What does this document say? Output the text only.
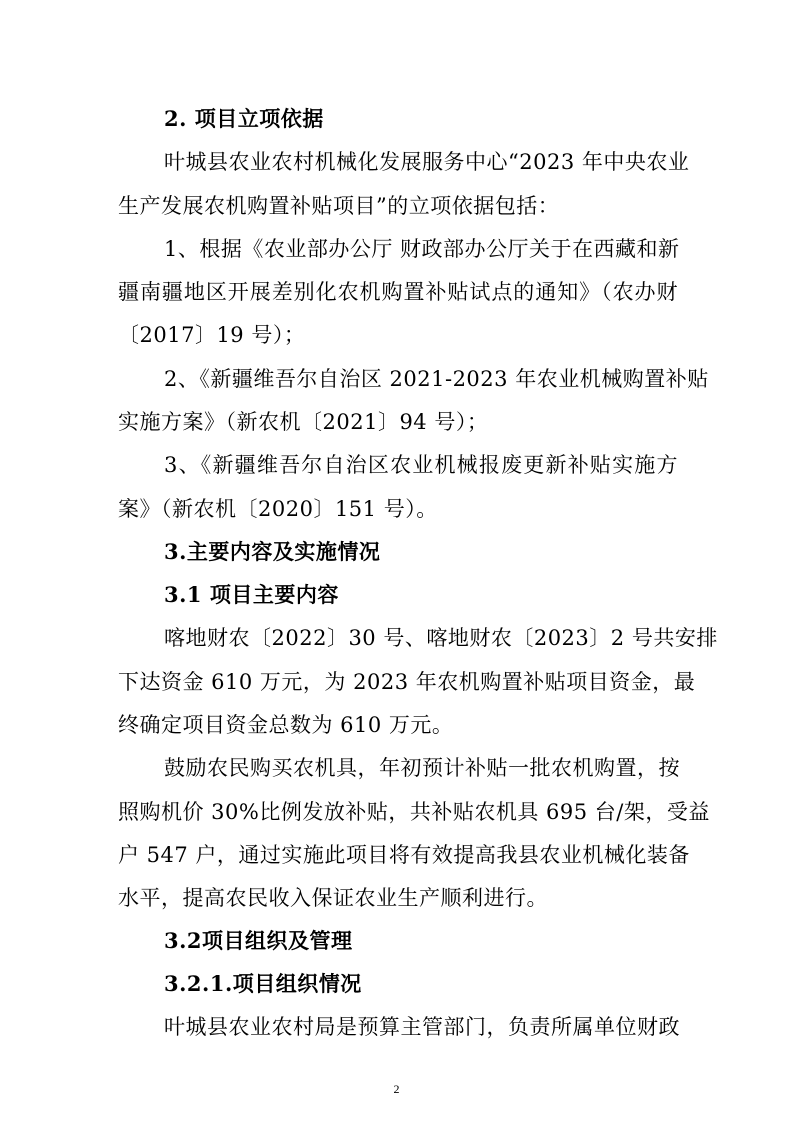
2. 项目立项依据
叶城县农业农村机械化发展服务中心“2023 年中央农业
生产发展农机购置补贴项目”的立项依据包括：
1、根据《农业部办公厅 财政部办公厅关于在西藏和新
疆南疆地区开展差别化农机购置补贴试点的通知》（农办财
〔2017〕19 号）；
2、《新疆维吾尔自治区 2021-2023 年农业机械购置补贴
实施方案》（新农机〔2021〕94 号）；
3、《新疆维吾尔自治区农业机械报废更新补贴实施方
案》（新农机〔2020〕151 号）。
3.主要内容及实施情况
3.1 项目主要内容
喀地财农〔2022〕30 号、喀地财农〔2023〕2 号共安排
下达资金 610 万元，为 2023 年农机购置补贴项目资金，最
终确定项目资金总数为 610 万元。
鼓励农民购买农机具，年初预计补贴一批农机购置，按
照购机价 30%比例发放补贴，共补贴农机具 695 台/架，受益
户 547 户，通过实施此项目将有效提高我县农业机械化装备
水平，提高农民收入保证农业生产顺利进行。
3.2项目组织及管理
3.2.1.项目组织情况
叶城县农业农村局是预算主管部门，负责所属单位财政
2
